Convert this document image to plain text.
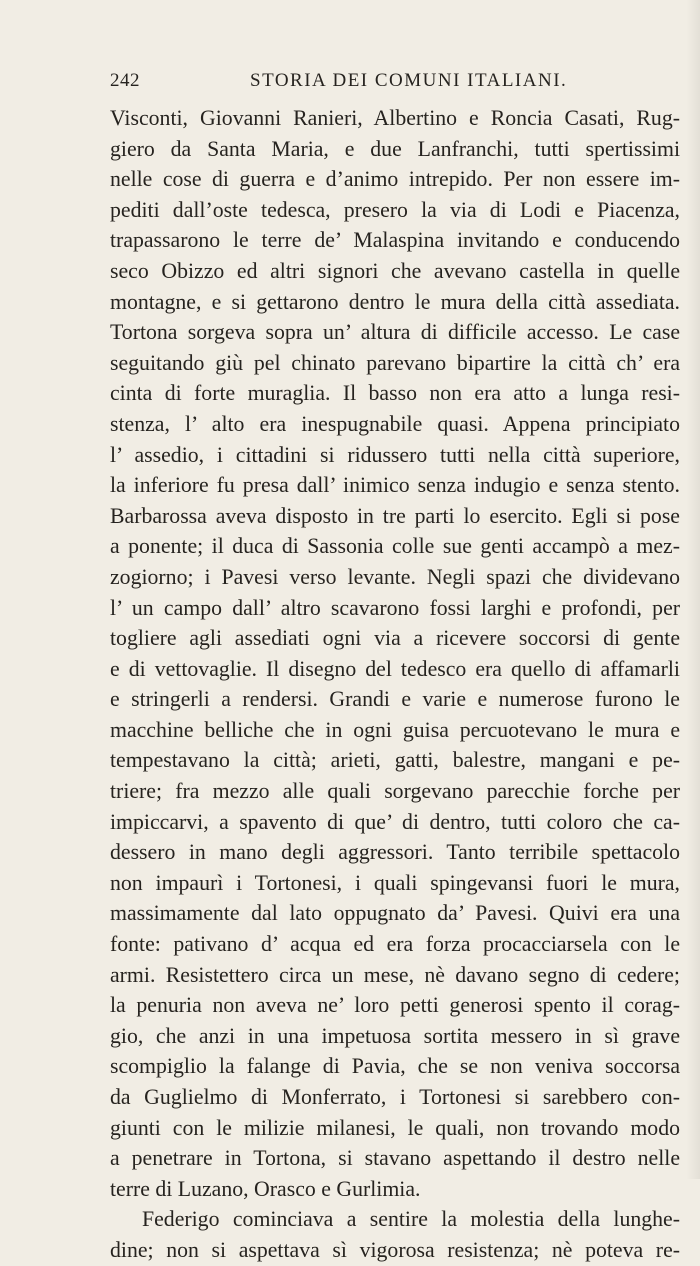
242	STORIA DEI COMUNI ITALIANI.
Visconti, Giovanni Ranieri, Albertino e Roncia Casati, Rug-
giero da Santa Maria, e due Lanfranchi, tutti spertissimi
nelle cose di guerra e d’animo intrepido. Per non essere im-
pediti dall’oste tedesca, presero la via di Lodi e Piacenza,
trapassarono le terre de’ Malaspina invitando e conducendo
seco Obizzo ed altri signori che avevano castella in quelle
montagne, e si gettarono dentro le mura della città assediata.
Tortona sorgeva sopra un’ altura di difficile accesso. Le case
seguitando giù pel chinato parevano bipartire la città ch’ era
cinta di forte muraglia. Il basso non era atto a lunga resi-
stenza, l’ alto era inespugnabile quasi. Appena principiato
l’ assedio, i cittadini si ridussero tutti nella città superiore,
la inferiore fu presa dall’ inimico senza indugio e senza stento.
Barbarossa aveva disposto in tre parti lo esercito. Egli si pose
a ponente; il duca di Sassonia colle sue genti accampò a mez-
zogiorno; i Pavesi verso levante. Negli spazi che dividevano
l’ un campo dall’ altro scavarono fossi larghi e profondi, per
togliere agli assediati ogni via a ricevere soccorsi di gente
e di vettovaglie. Il disegno del tedesco era quello di affamarli
e stringerli a rendersi. Grandi e varie e numerose furono le
macchine belliche che in ogni guisa percuotevano le mura e
tempestavano la città; arieti, gatti, balestre, mangani e pe-
triere; fra mezzo alle quali sorgevano parecchie forche per
impiccarvi, a spavento di que’ di dentro, tutti coloro che ca-
dessero in mano degli aggressori. Tanto terribile spettacolo
non impaurì i Tortonesi, i quali spingevansi fuori le mura,
massimamente dal lato oppugnato da’ Pavesi. Quivi era una
fonte: pativano d’ acqua ed era forza procacciarsela con le
armi. Resistettero circa un mese, nè davano segno di cedere;
la penuria non aveva ne’ loro petti generosi spento il corag-
gio, che anzi in una impetuosa sortita messero in sì grave
scompiglio la falange di Pavia, che se non veniva soccorsa
da Guglielmo di Monferrato, i Tortonesi si sarebbero con-
giunti con le milizie milanesi, le quali, non trovando modo
a penetrare in Tortona, si stavano aspettando il destro nelle
terre di Luzano, Orasco e Gurlimia.
Federigo cominciava a sentire la molestia della lunghe-
dine; non si aspettava sì vigorosa resistenza; nè poteva re-
